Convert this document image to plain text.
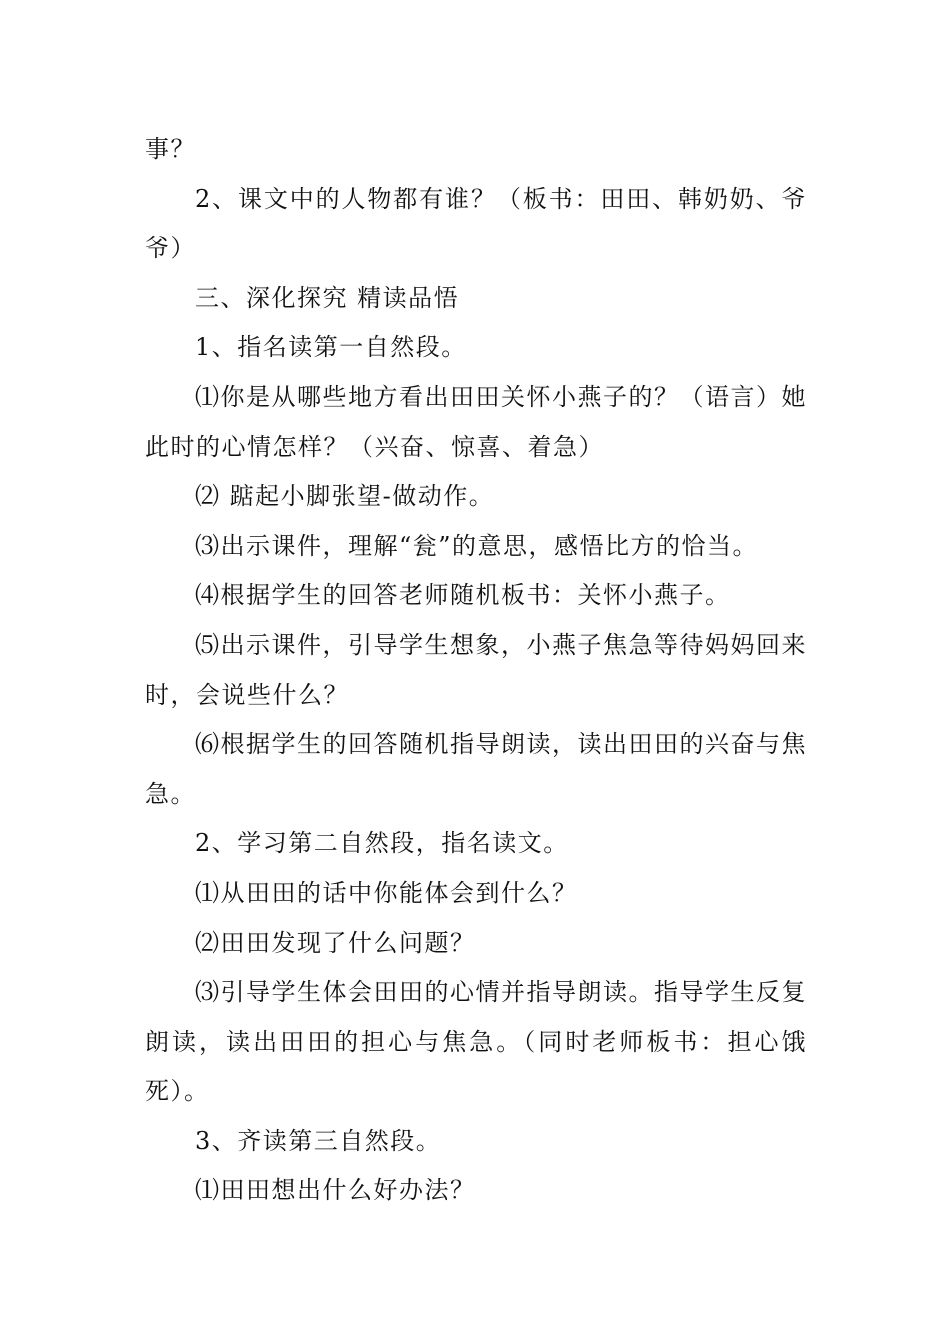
事？

2、课文中的人物都有谁？（板书：田田、韩奶奶、爷爷）

三、深化探究 精读品悟

1、指名读第一自然段。

⑴你是从哪些地方看出田田关怀小燕子的？（语言）她此时的心情怎样？（兴奋、惊喜、着急）

⑵ 踮起小脚张望-做动作。

⑶出示课件，理解“瓮”的意思，感悟比方的恰当。

⑷根据学生的回答老师随机板书：关怀小燕子。

⑸出示课件，引导学生想象，小燕子焦急等待妈妈回来时，会说些什么？

⑹根据学生的回答随机指导朗读，读出田田的兴奋与焦急。

2、学习第二自然段，指名读文。

⑴从田田的话中你能体会到什么？

⑵田田发现了什么问题？

⑶引导学生体会田田的心情并指导朗读。指导学生反复朗读，读出田田的担心与焦急。（同时老师板书：担心饿死）。

3、齐读第三自然段。

⑴田田想出什么好办法？
